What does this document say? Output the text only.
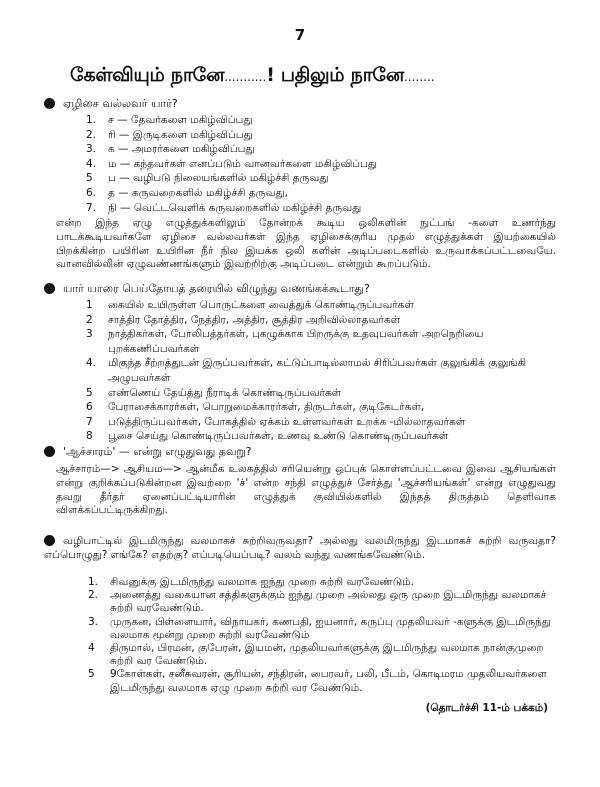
7
கேள்வியும் நானே...........! பதிலும் நானே........
ஏழிசை வல்லவர் யார்?
1.	ச — தேவர்களை மகிழ்விப்பது
2.	ரி — இருடிகளை மகிழ்விப்பது
3.	க — அமரர்களை மகிழ்விப்பது
4.	ம — கந்தவர்கள் எனப்படும் வானவர்களை மகிழ்விப்பது
5	ப — வழிபடு நிலையங்களில் மகிழ்ச்சி தருவது
6.	த — கருவறைகளில் மகிழ்ச்சி தருவது,
7.	நி — வெட்டவெளிக் கருவறைகளில் மகிழ்ச்சி தருவது
என்ற இந்த ஏழு எழுத்துக்களிலும் தோன்றக் கூடிய ஒலிகளின் நுட்பங் -களை உணர்ந்து பாடக்கூடியவர்களே ஏழிசை வல்லவர்கள் இந்த ஏழிசைக்குரிய முதல் எழுத்துக்கள் இயற்கையில் பிறக்கின்ற பயிரின உயிரின நீர் நில இயக்க ஒலி களின் அடிப்படைகளில் உருவாக்கப்பட்டவையே. வானவில்லின் ஏழுவண்ணங்களும் இவற்றிற்கு அடிப்படை என்றும் கூறப்படும்.
யார் யாரை பெய்தோயத் தரையில் விழுந்து வணங்கக்கூடாது?
1	கையில் உயிருள்ள பொருட்களை வைத்துக் கொண்டிருப்பவர்கள்
2	சாத்திர தோத்திர, நேத்திர, அத்திர, சூத்திர அறிவில்லாதவர்கள்
3	நாத்திகர்கள், போலிபத்தர்கள், புகழுக்காக பிறருக்கு உதவுபவர்கள் அறநெறியை புறக்கணிப்பவர்கள்
4.	மிகுந்த சீற்றத்துடன் இருப்பவர்கள், கட்டுப்பாடில்லாமல் சிரிப்பவர்கள் குலுங்கிக் குலுங்கி அழுபவர்கள்
5	எண்ணெய் தேய்த்து நீராடிக் கொண்டிருப்பவர்கள்
6	பேராசைக்காரர்கள், பொறுமைக்காரர்கள், திருடர்கள், குடிகேடர்கள்,
7	படுத்திருப்பவர்கள், போகத்தில் ஏக்கம் உள்ளவர்கள் உறக்க -மில்லாதவர்கள்
8	பூசை செய்து கொண்டிருப்பவர்கள், உணவு உண்டு கொண்டிருப்பவர்கள்
'ஆச்சாரம்' — என்று எழுதுவது தவறு?
ஆச்சாரம்—> ஆசியம—> ஆன்மீக உலகத்தில் சரியென்று ஒப்புக் கொள்ளப்பட்டவை இவை ஆசியங்கள் என்று குறிக்கப்படுகின்றன இவற்றை 'ச்' என்ற சந்தி எழுத்துச் சேர்த்து 'ஆச்சரியங்கள்' என்று எழுதுவது தவறு தீர்தர் ஏனைப்பட்டியாரின் எழுத்துக் குவியில்களில் இந்தத் திருத்தம் தெளிவாக விளக்கப்பட்டிருக்கிறது.
வழிபாட்டில் இடமிருந்து வலமாகச் சுற்றிவருவதா? அல்லது வலமிருந்து இடமாகச் சுற்றி வருவதா? எப்பொழுது? எங்கே? எதற்கு? எப்படியெப்படி? வலம் வந்து வணங்கவேண்டும்.
1.	சிவனுக்கு இடமிருந்து வலமாக ஐந்து முறை சுற்றி வரவேண்டும்.
2.	அணைத்து வகையான சத்திகளுக்கும் ஐந்து முறை அல்லது ஒரு முறை இடமிருந்து வலமாகச் சுற்றி வரவேண்டும்.
3.	முருகன, பிள்ளையார், விநாயகர், கணபதி, ஐயனார், கருப்பு முதலியவர் -களுக்கு இடமிருந்து வலமாக மூன்று முறை சுற்றி வரவேண்டும்
4	திருமால், பிரமன், குபேரன், இயமன், முதலியவர்களுக்கு இடமிருந்து வலமாக நான்குமுறை சுற்றி வர வேண்டும்.
5	9கோள்கள், சனீசுவரன், சூரியன், சந்திரன், பைரவர், பலி, பீடம், கொடிமரம முதலியவர்களை இடமிருந்து வலமாக ஏழு முறை சுற்றி வர வேண்டும்.
(தொடர்ச்சி 11-ம் பக்கம்)
